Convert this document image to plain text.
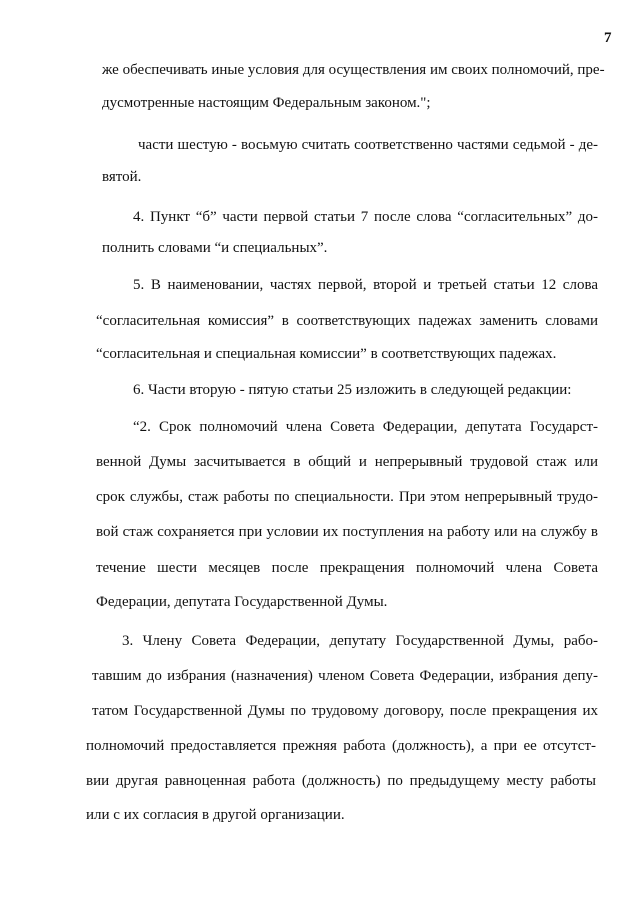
7
же обеспечивать иные условия для осуществления им своих полномочий, пре-
дусмотренные настоящим Федеральным законом.";
части шестую - восьмую считать соответственно частями седьмой - де-
вятой.
4. Пункт “б” части первой статьи 7 после слова “согласительных” до-
полнить словами “и специальных”.
5. В наименовании, частях первой, второй и третьей статьи 12 слова
“согласительная комиссия” в соответствующих падежах заменить словами
“согласительная и специальная комиссии” в соответствующих падежах.
6. Части вторую - пятую статьи 25 изложить в следующей редакции:
“2. Срок полномочий члена Совета Федерации, депутата Государст-
венной Думы засчитывается в общий и непрерывный трудовой стаж или
срок службы, стаж работы по специальности. При этом непрерывный трудо-
вой стаж сохраняется при условии их поступления на работу или на службу в
течение шести месяцев после прекращения полномочий члена Совета
Федерации, депутата Государственной Думы.
3. Члену Совета Федерации, депутату Государственной Думы, рабо-
тавшим до избрания (назначения) членом Совета Федерации, избрания депу-
татом Государственной Думы по трудовому договору, после прекращения их
полномочий предоставляется прежняя работа (должность), а при ее отсутст-
вии другая равноценная работа (должность) по предыдущему месту работы
или с их согласия в другой организации.
